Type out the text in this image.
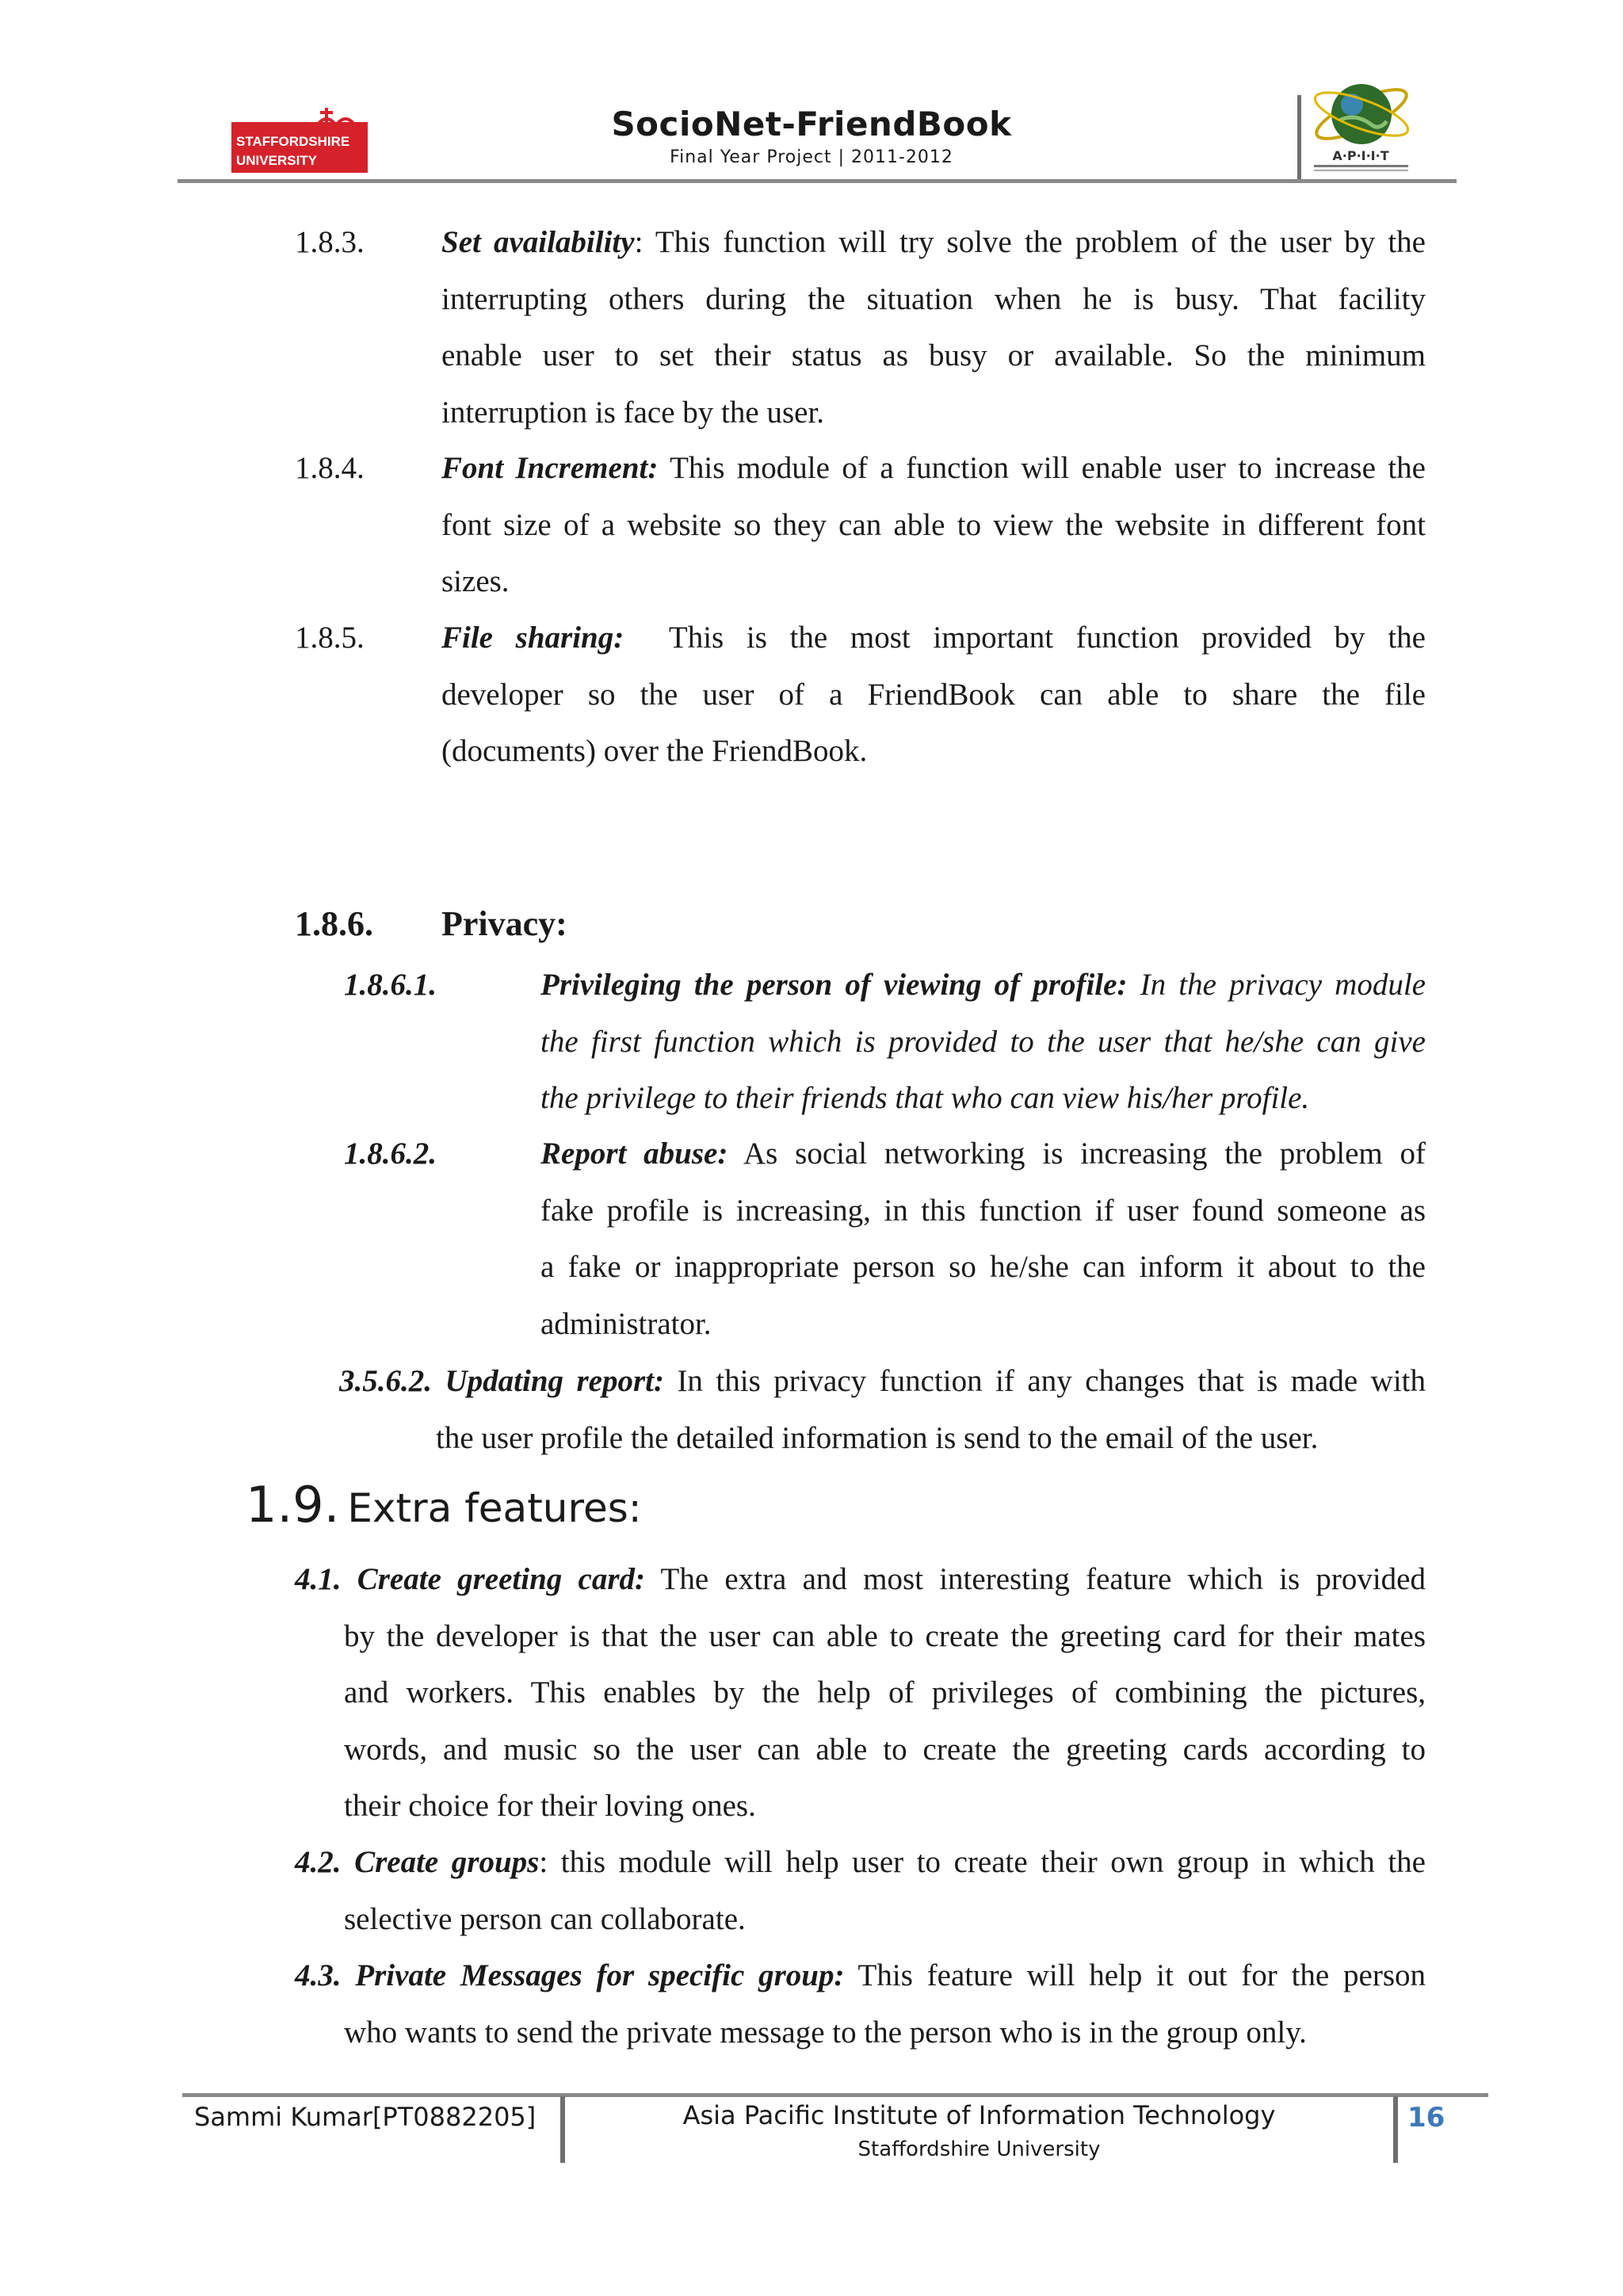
STAFFORDSHIRE
UNIVERSITY
SocioNet-FriendBook
Final Year Project | 2011-2012	A·P·I·I·T
1.8.3. Set availability: This function will try solve the problem of the user by the
interrupting others during the situation when he is busy. That facility
enable user to set their status as busy or available. So the minimum
interruption is face by the user.
1.8.4. Font Increment: This module of a function will enable user to increase the
font size of a website so they can able to view the website in different font
sizes.
1.8.5. File sharing:  This is the most important function provided by the
developer so the user of a FriendBook can able to share the file
(documents) over the FriendBook.
1.8.6. Privacy:
1.8.6.1.	Privileging the person of viewing of profile: In the privacy module
the first function which is provided to the user that he/she can give
the privilege to their friends that who can view his/her profile.
1.8.6.2.	Report abuse: As social networking is increasing the problem of
fake profile is increasing, in this function if user found someone as
a fake or inappropriate person so he/she can inform it about to the
administrator.
3.5.6.2. Updating report: In this privacy function if any changes that is made with
the user profile the detailed information is send to the email of the user.
1.9. Extra features:
4.1. Create greeting card: The extra and most interesting feature which is provided
by the developer is that the user can able to create the greeting card for their mates
and workers. This enables by the help of privileges of combining the pictures,
words, and music so the user can able to create the greeting cards according to
their choice for their loving ones.
4.2. Create groups: this module will help user to create their own group in which the
selective person can collaborate.
4.3. Private Messages for specific group: This feature will help it out for the person
who wants to send the private message to the person who is in the group only.
Sammi Kumar[PT0882205]	Asia Pacific Institute of Information Technology
Staffordshire University
16
